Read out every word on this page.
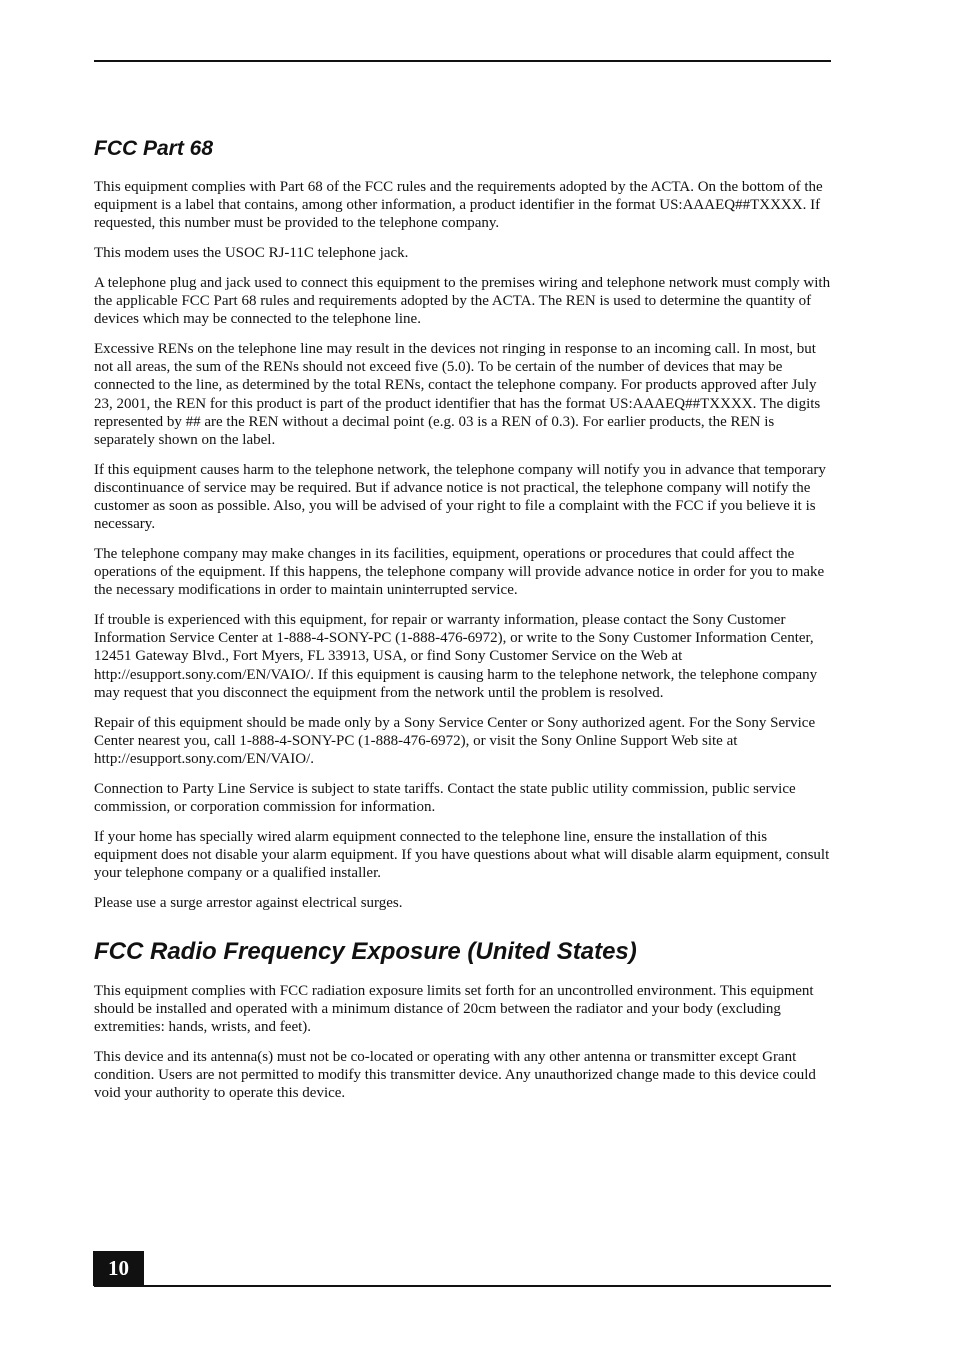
FCC Part 68

This equipment complies with Part 68 of the FCC rules and the requirements adopted by the ACTA. On the bottom of the equipment is a label that contains, among other information, a product identifier in the format US:AAAEQ##TXXXX. If requested, this number must be provided to the telephone company.

This modem uses the USOC RJ-11C telephone jack.

A telephone plug and jack used to connect this equipment to the premises wiring and telephone network must comply with the applicable FCC Part 68 rules and requirements adopted by the ACTA. The REN is used to determine the quantity of devices which may be connected to the telephone line.

Excessive RENs on the telephone line may result in the devices not ringing in response to an incoming call. In most, but not all areas, the sum of the RENs should not exceed five (5.0). To be certain of the number of devices that may be connected to the line, as determined by the total RENs, contact the telephone company. For products approved after July 23, 2001, the REN for this product is part of the product identifier that has the format US:AAAEQ##TXXXX. The digits represented by ## are the REN without a decimal point (e.g. 03 is a REN of 0.3). For earlier products, the REN is separately shown on the label.

If this equipment causes harm to the telephone network, the telephone company will notify you in advance that temporary discontinuance of service may be required. But if advance notice is not practical, the telephone company will notify the customer as soon as possible. Also, you will be advised of your right to file a complaint with the FCC if you believe it is necessary.

The telephone company may make changes in its facilities, equipment, operations or procedures that could affect the operations of the equipment. If this happens, the telephone company will provide advance notice in order for you to make the necessary modifications in order to maintain uninterrupted service.

If trouble is experienced with this equipment, for repair or warranty information, please contact the Sony Customer Information Service Center at 1-888-4-SONY-PC (1-888-476-6972), or write to the Sony Customer Information Center, 12451 Gateway Blvd., Fort Myers, FL 33913, USA, or find Sony Customer Service on the Web at http://esupport.sony.com/EN/VAIO/. If this equipment is causing harm to the telephone network, the telephone company may request that you disconnect the equipment from the network until the problem is resolved.

Repair of this equipment should be made only by a Sony Service Center or Sony authorized agent. For the Sony Service Center nearest you, call 1-888-4-SONY-PC (1-888-476-6972), or visit the Sony Online Support Web site at http://esupport.sony.com/EN/VAIO/.

Connection to Party Line Service is subject to state tariffs. Contact the state public utility commission, public service commission, or corporation commission for information.

If your home has specially wired alarm equipment connected to the telephone line, ensure the installation of this equipment does not disable your alarm equipment. If you have questions about what will disable alarm equipment, consult your telephone company or a qualified installer.

Please use a surge arrestor against electrical surges.

FCC Radio Frequency Exposure (United States)

This equipment complies with FCC radiation exposure limits set forth for an uncontrolled environment. This equipment should be installed and operated with a minimum distance of 20cm between the radiator and your body (excluding extremities: hands, wrists, and feet).

This device and its antenna(s) must not be co-located or operating with any other antenna or transmitter except Grant condition. Users are not permitted to modify this transmitter device. Any unauthorized change made to this device could void your authority to operate this device.

10
